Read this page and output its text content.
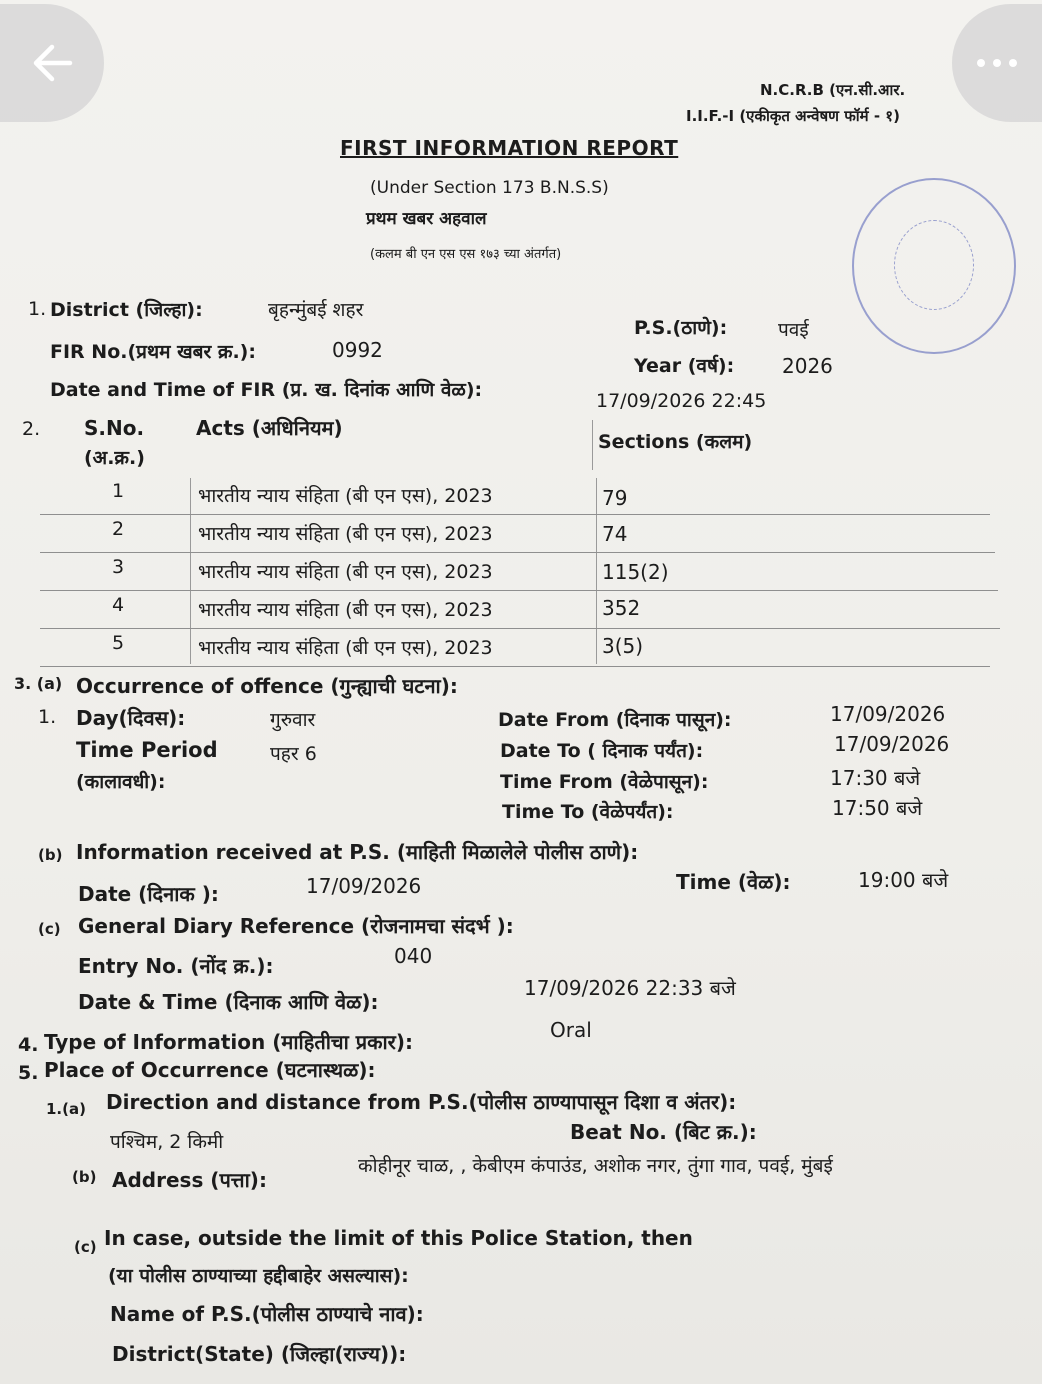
N.C.R.B (एन.सी.आर.
I.I.F.-I (एकीकृत अन्वेषण फॉर्म - १)
FIRST INFORMATION REPORT
(Under Section 173 B.N.S.S)
प्रथम खबर अहवाल
(कलम बी एन एस एस १७३ च्या अंतर्गत)
1. District (जिल्हा):	बृहन्मुंबई शहर
P.S.(ठाणे):	पवई
FIR No.(प्रथम खबर क्र.):	0992
Year (वर्ष): 2026
Date and Time of FIR (प्र. ख. दिनांक आणि वेळ):	17/09/2026 22:45
2. S.No.
(अ.क्र.)
Acts (अधिनियम)
Sections (कलम)
1	भारतीय न्याय संहिता (बी एन एस), 2023	79
2	भारतीय न्याय संहिता (बी एन एस), 2023	74
3	भारतीय न्याय संहिता (बी एन एस), 2023	115(2)
4	भारतीय न्याय संहिता (बी एन एस), 2023	352
5	भारतीय न्याय संहिता (बी एन एस), 2023	3(5)
3. (a) Occurrence of offence (गुन्ह्याची घटना):
1. Day(दिवस):	गुरुवार
Time Period	पहर 6
(कालावधी):
Date From (दिनाक पासून):	17/09/2026
Date To ( दिनाक पर्यंत):	17/09/2026
Time From (वेळेपासून):	17:30 बजे
Time To (वेळेपर्यंत):	17:50 बजे
(b) Information received at P.S. (माहिती मिळालेले पोलीस ठाणे):
Date (दिनाक ):	17/09/2026	Time (वेळ):	19:00 बजे
(c) General Diary Reference (रोजनामचा संदर्भ ):
Entry No. (नोंद क्र.):	040
Date & Time (दिनाक आणि वेळ):
17/09/2026 22:33 बजे
4. Type of Information (माहितीचा प्रकार):	Oral
5. Place of Occurrence (घटनास्थळ):
1.(a) Direction and distance from P.S.(पोलीस ठाण्यापासून दिशा व अंतर):
पश्चिम, 2 किमी	Beat No. (बिट क्र.):
(b) Address (पत्ता):
कोहीनूर चाळ, , केबीएम कंपाउंड, अशोक नगर, तुंगा गाव, पवई, मुंबई
(c) In case, outside the limit of this Police Station, then
(या पोलीस ठाण्याच्या हद्दीबाहेर असल्यास):
Name of P.S.(पोलीस ठाण्याचे नाव):
District(State) (जिल्हा(राज्य)):
